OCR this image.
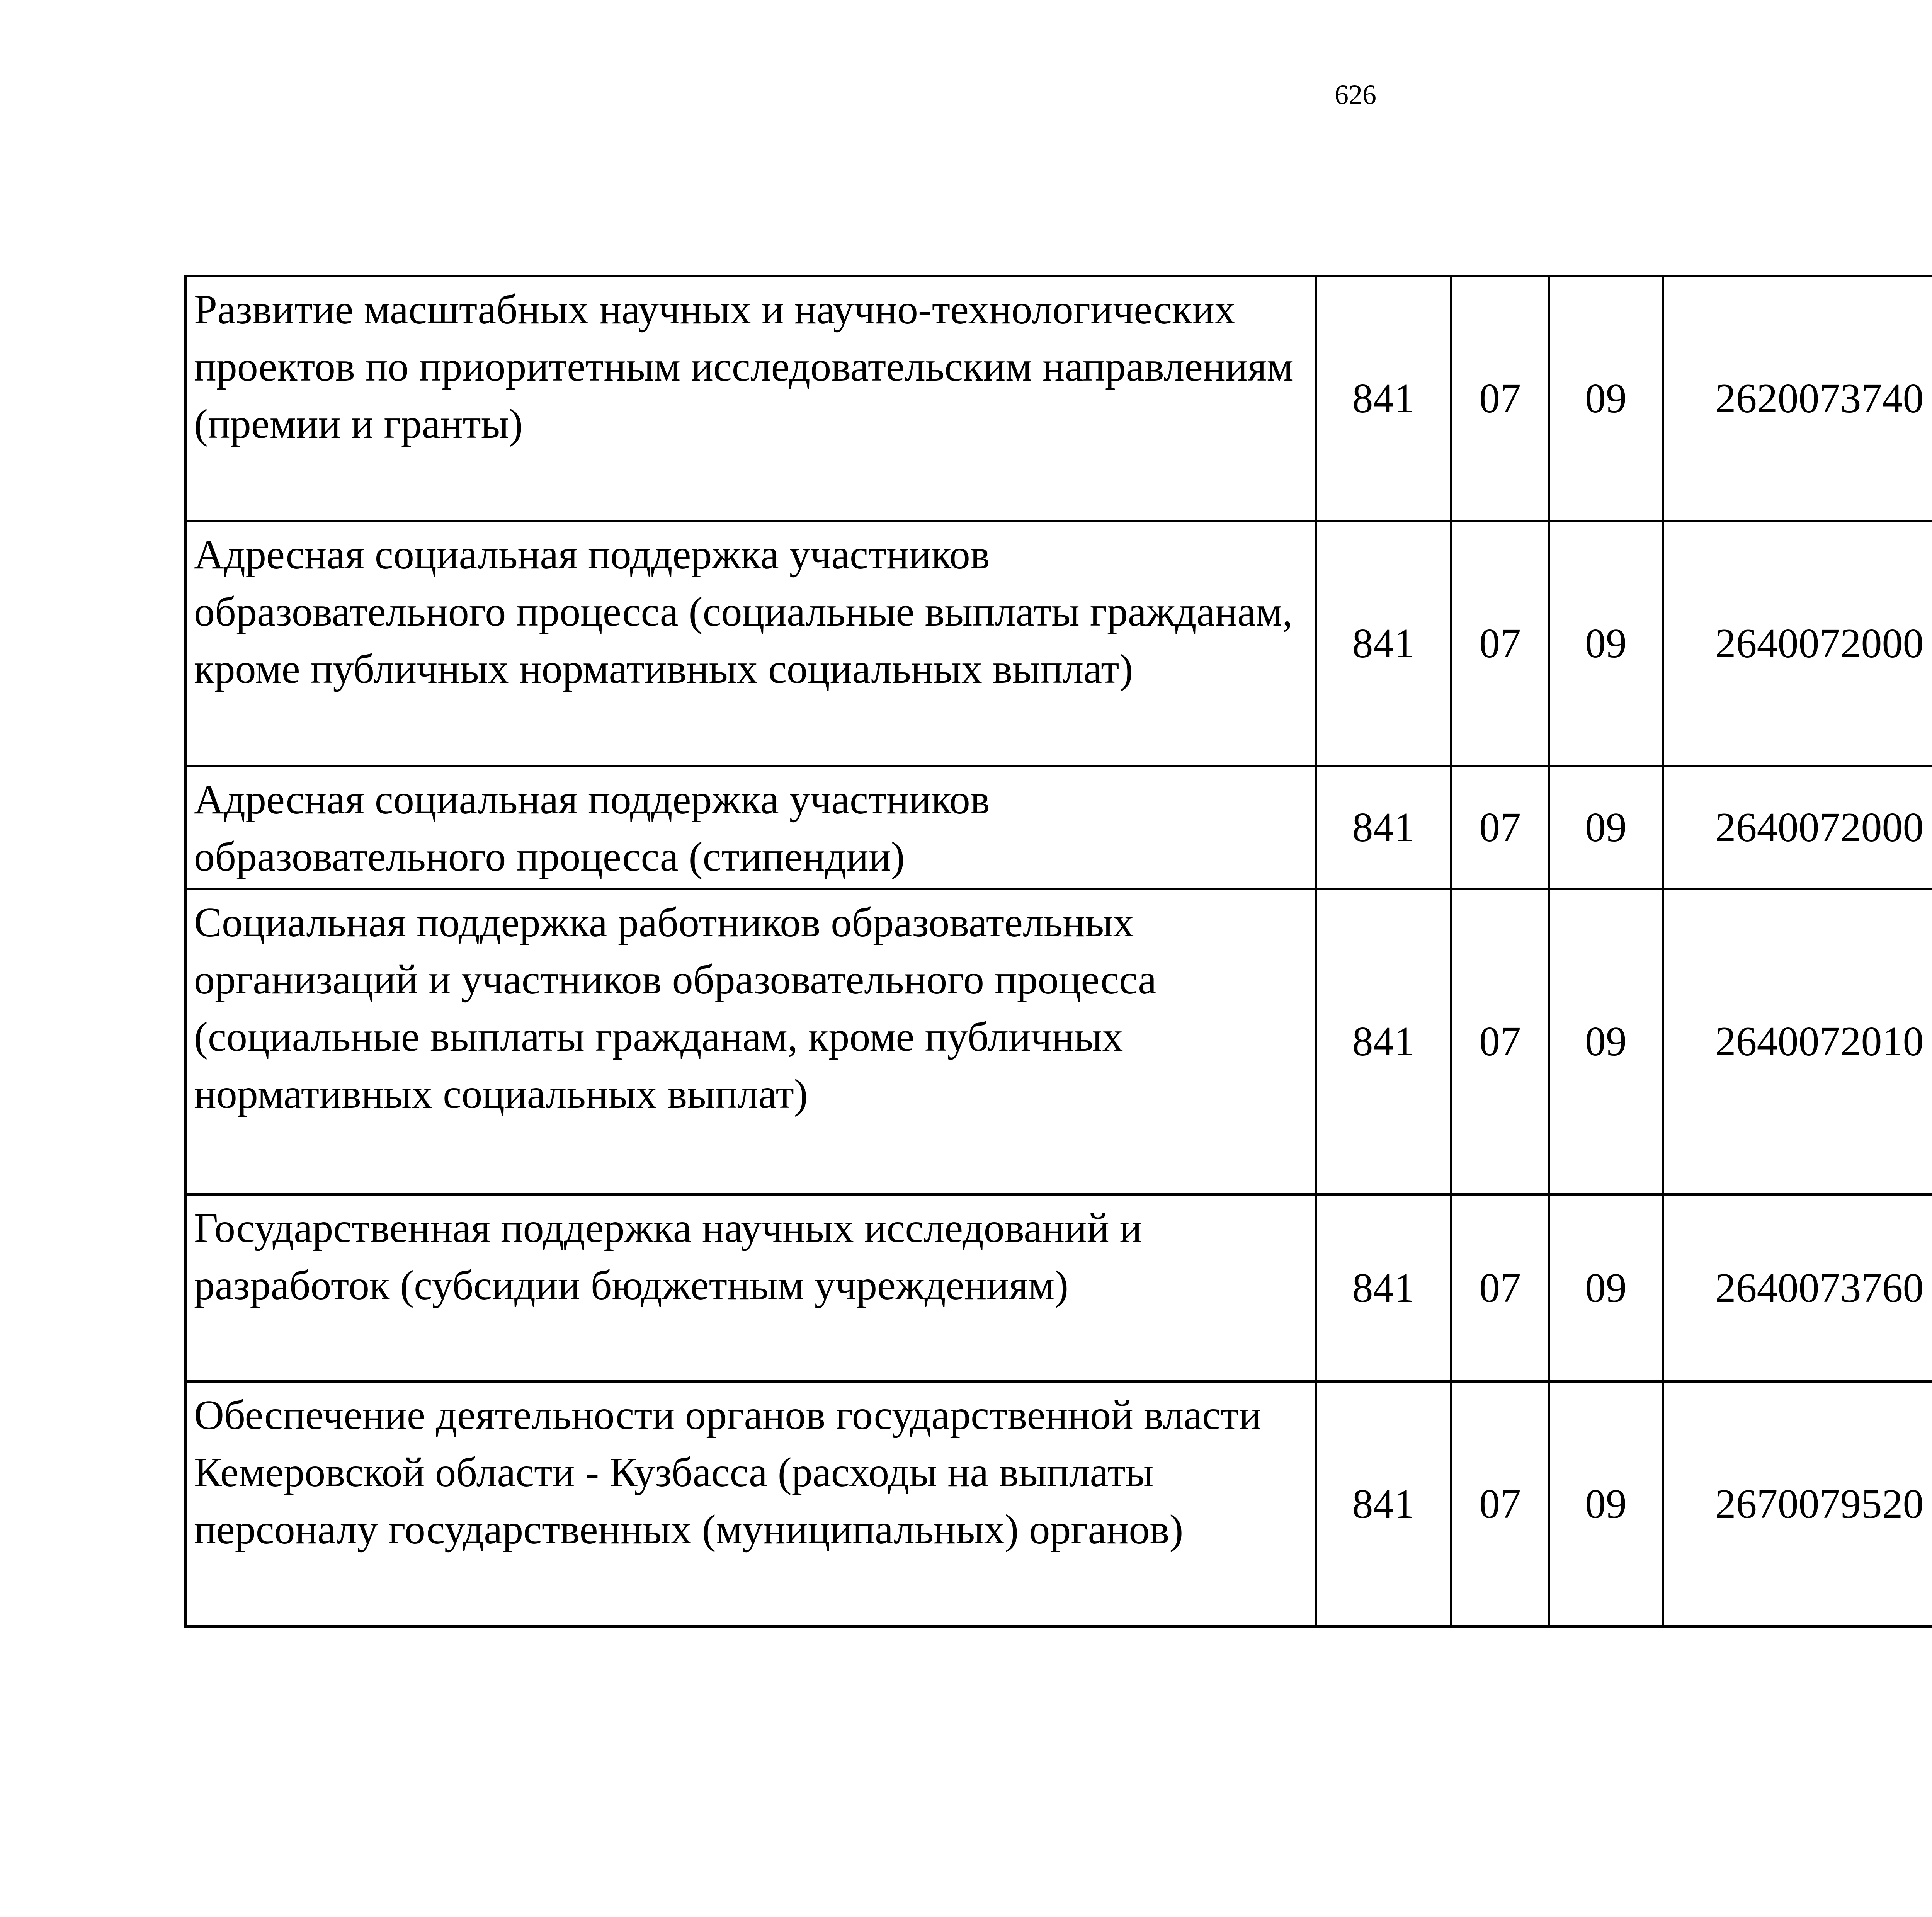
626
Развитие масштабных научных и научно-технологических проектов по приоритетным исследовательским направлениям (премии и гранты)	841	07	09	2620073740		
Адресная социальная поддержка участников образовательного процесса (социальные выплаты гражданам, кроме публичных нормативных социальных выплат)	841	07	09	2640072000		
Адресная социальная поддержка участников образовательного процесса (стипендии)	841	07	09	2640072000		
Социальная поддержка работников образовательных организаций и участников образовательного процесса (социальные выплаты гражданам, кроме публичных нормативных социальных выплат)	841	07	09	2640072010		
Государственная поддержка научных исследований и разработок (субсидии бюджетным учреждениям)	841	07	09	2640073760		
Обеспечение деятельности органов государственной власти Кемеровской области - Кузбасса (расходы на выплаты персоналу государственных (муниципальных) органов)	841	07	09	2670079520		
